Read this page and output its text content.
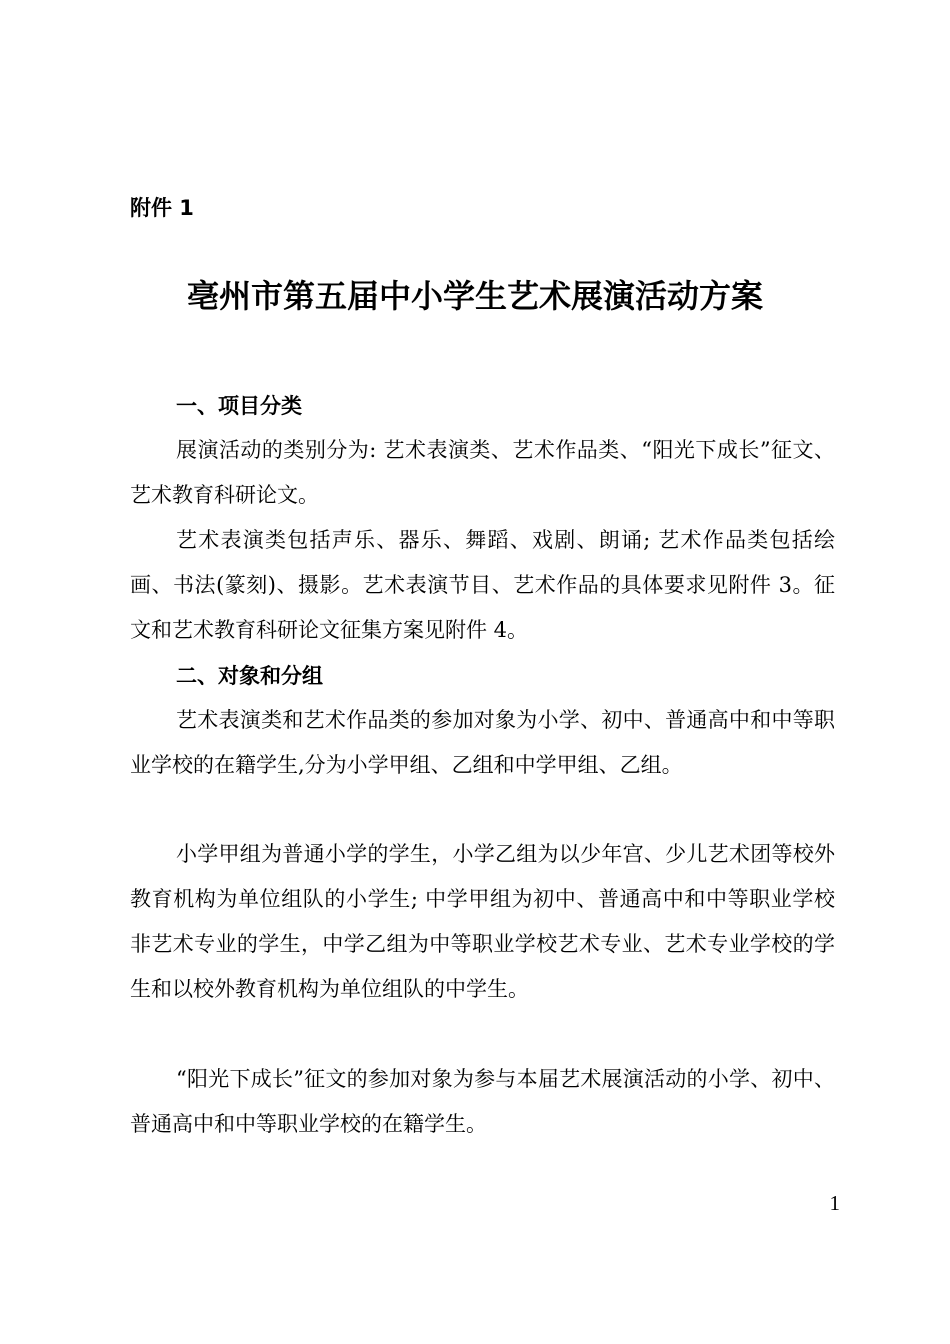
附件 1
亳州市第五届中小学生艺术展演活动方案
一、项目分类

展演活动的类别分为: 艺术表演类、艺术作品类、“阳光下成长”征文、艺术教育科研论文。

艺术表演类包括声乐、器乐、舞蹈、戏剧、朗诵; 艺术作品类包括绘画、书法(篆刻)、摄影。艺术表演节目、艺术作品的具体要求见附件 3。征文和艺术教育科研论文征集方案见附件 4。

二、对象和分组

艺术表演类和艺术作品类的参加对象为小学、初中、普通高中和中等职业学校的在籍学生,分为小学甲组、乙组和中学甲组、乙组。

小学甲组为普通小学的学生，小学乙组为以少年宫、少儿艺术团等校外教育机构为单位组队的小学生; 中学甲组为初中、普通高中和中等职业学校非艺术专业的学生，中学乙组为中等职业学校艺术专业、艺术专业学校的学生和以校外教育机构为单位组队的中学生。

“阳光下成长”征文的参加对象为参与本届艺术展演活动的小学、初中、普通高中和中等职业学校的在籍学生。

1
